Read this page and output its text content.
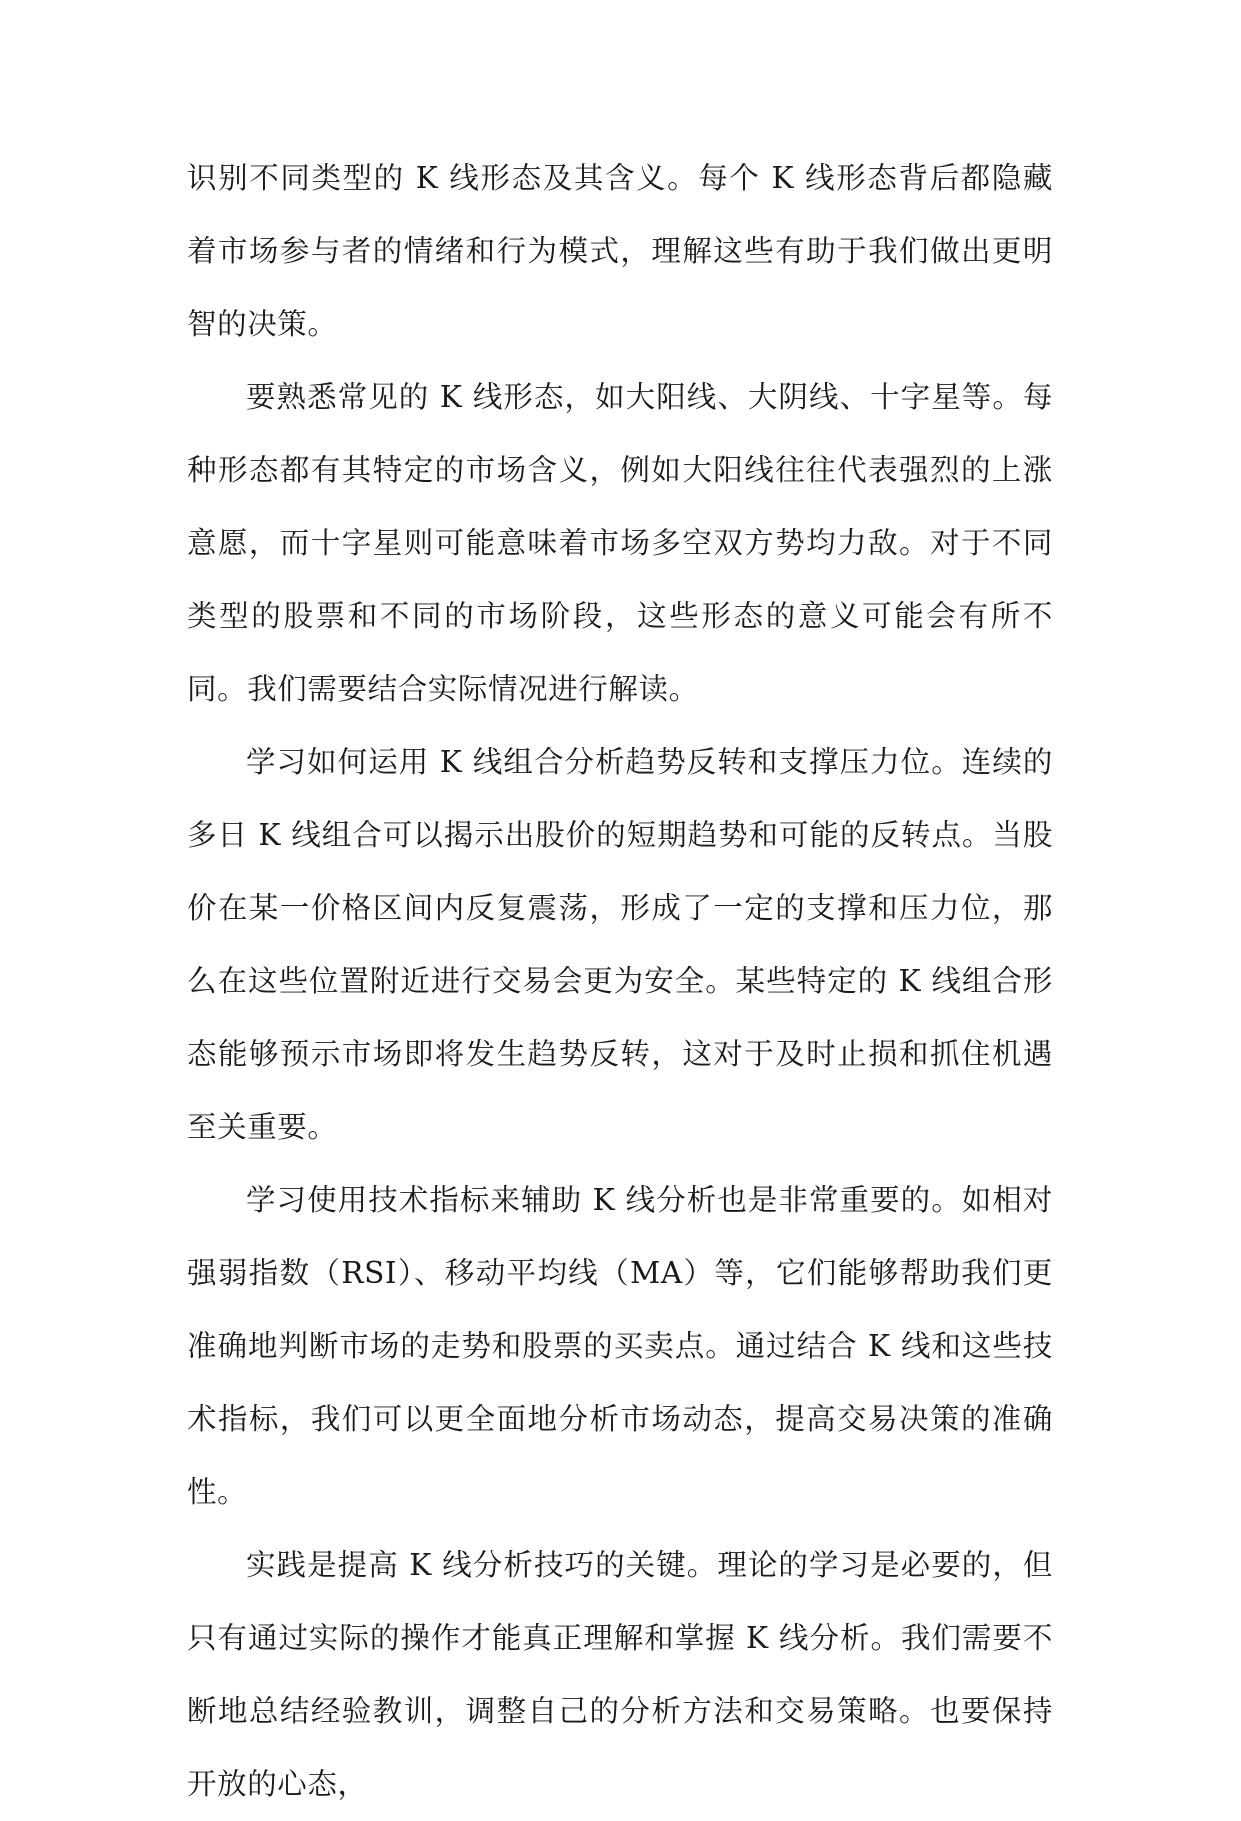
识别不同类型的 K 线形态及其含义。每个 K 线形态背后都隐藏着市场参与者的情绪和行为模式，理解这些有助于我们做出更明智的决策。

要熟悉常见的 K 线形态，如大阳线、大阴线、十字星等。每种形态都有其特定的市场含义，例如大阳线往往代表强烈的上涨意愿，而十字星则可能意味着市场多空双方势均力敌。对于不同类型的股票和不同的市场阶段，这些形态的意义可能会有所不同。我们需要结合实际情况进行解读。

学习如何运用 K 线组合分析趋势反转和支撑压力位。连续的多日 K 线组合可以揭示出股价的短期趋势和可能的反转点。当股价在某一价格区间内反复震荡，形成了一定的支撑和压力位，那么在这些位置附近进行交易会更为安全。某些特定的 K 线组合形态能够预示市场即将发生趋势反转，这对于及时止损和抓住机遇至关重要。

学习使用技术指标来辅助 K 线分析也是非常重要的。如相对强弱指数（RSI）、移动平均线（MA）等，它们能够帮助我们更准确地判断市场的走势和股票的买卖点。通过结合 K 线和这些技术指标，我们可以更全面地分析市场动态，提高交易决策的准确性。

实践是提高 K 线分析技巧的关键。理论的学习是必要的，但只有通过实际的操作才能真正理解和掌握 K 线分析。我们需要不断地总结经验教训，调整自己的分析方法和交易策略。也要保持开放的心态，
